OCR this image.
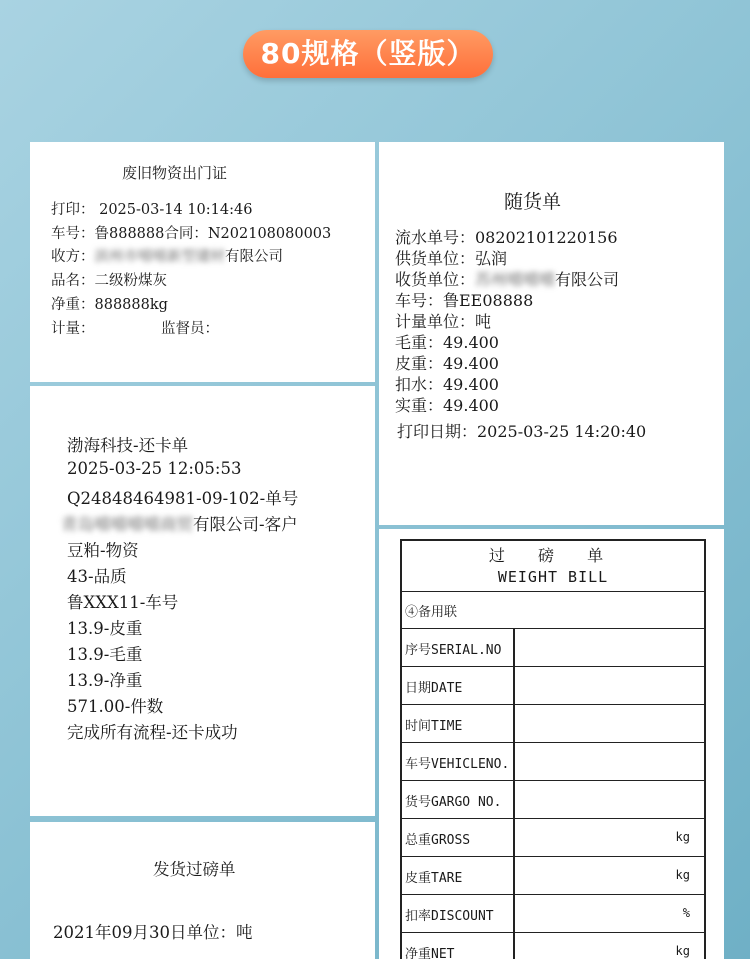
80规格（竖版）
废旧物资出门证
打印： 2025-03-14 10:14:46
车号：鲁888888合同：N202108080003
收方：滨州市嘻嘻新型建材有限公司
品名：二级粉煤灰
净重：888888kg
计量：	监督员：
随货单
流水单号：08202101220156
供货单位：弘润
收货单位：苏州嘻嘻嘻有限公司
车号：鲁EE08888
计量单位：吨
毛重：49.400
皮重：49.400
扣水：49.400
实重：49.400
打印日期：2025-03-25 14:20:40
渤海科技-还卡单
2025-03-25 12:05:53
Q24848464981-09-102-单号
青岛嘻嘻嘻嘻商贸有限公司-客户
豆粕-物资
43-品质
鲁XXX11-车号
13.9-皮重
13.9-毛重
13.9-净重
571.00-件数
完成所有流程-还卡成功
发货过磅单
2021年09月30日单位：吨
过 磅 单
WEIGHT BILL
④备用联
序号SERIAL.NO
日期DATE
时间TIME
车号VEHICLENO.
货号GARGO NO.
总重GROSS	kg
皮重TARE	kg
扣率DISCOUNT	%
净重NET	kg
